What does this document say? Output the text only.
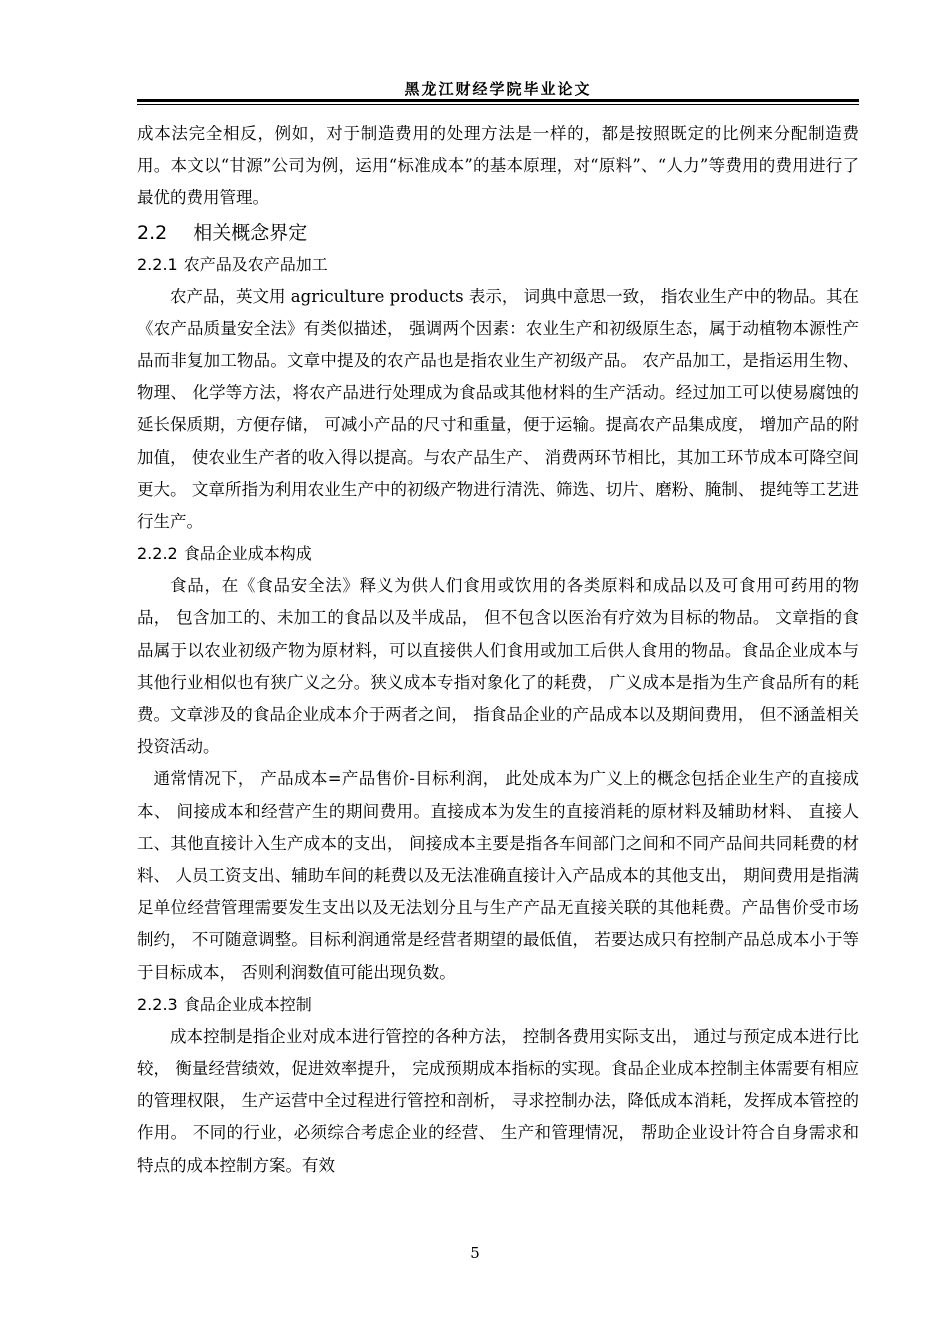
黑龙江财经学院毕业论文

成本法完全相反，例如，对于制造费用的处理方法是一样的，都是按照既定的比例来分配制造费用。本文以“甘源”公司为例，运用“标准成本”的基本原理，对“原料”、“人力”等费用的费用进行了最优的费用管理。

2.2 相关概念界定
2.2.1 农产品及农产品加工

农产品，英文用 agriculture products 表示， 词典中意思一致， 指农业生产中的物品。其在《农产品质量安全法》有类似描述， 强调两个因素：农业生产和初级原生态，属于动植物本源性产品而非复加工物品。文章中提及的农产品也是指农业生产初级产品。 农产品加工，是指运用生物、物理、 化学等方法，将农产品进行处理成为食品或其他材料的生产活动。经过加工可以使易腐蚀的延长保质期，方便存储， 可减小产品的尺寸和重量，便于运输。提高农产品集成度， 增加产品的附加值， 使农业生产者的收入得以提高。与农产品生产、 消费两环节相比，其加工环节成本可降空间更大。 文章所指为利用农业生产中的初级产物进行清洗、筛选、切片、磨粉、腌制、 提纯等工艺进行生产。

2.2.2 食品企业成本构成

食品，在《食品安全法》释义为供人们食用或饮用的各类原料和成品以及可食用可药用的物品， 包含加工的、未加工的食品以及半成品， 但不包含以医治有疗效为目标的物品。 文章指的食品属于以农业初级产物为原材料，可以直接供人们食用或加工后供人食用的物品。食品企业成本与其他行业相似也有狭广义之分。狭义成本专指对象化了的耗费， 广义成本是指为生产食品所有的耗费。文章涉及的食品企业成本介于两者之间， 指食品企业的产品成本以及期间费用， 但不涵盖相关投资活动。

通常情况下， 产品成本=产品售价-目标利润， 此处成本为广义上的概念包括企业生产的直接成本、 间接成本和经营产生的期间费用。直接成本为发生的直接消耗的原材料及辅助材料、 直接人工、其他直接计入生产成本的支出， 间接成本主要是指各车间部门之间和不同产品间共同耗费的材料、 人员工资支出、辅助车间的耗费以及无法准确直接计入产品成本的其他支出， 期间费用是指满足单位经营管理需要发生支出以及无法划分且与生产产品无直接关联的其他耗费。产品售价受市场制约， 不可随意调整。目标利润通常是经营者期望的最低值， 若要达成只有控制产品总成本小于等于目标成本， 否则利润数值可能出现负数。

2.2.3 食品企业成本控制

成本控制是指企业对成本进行管控的各种方法， 控制各费用实际支出， 通过与预定成本进行比较， 衡量经营绩效，促进效率提升， 完成预期成本指标的实现。食品企业成本控制主体需要有相应的管理权限， 生产运营中全过程进行管控和剖析， 寻求控制办法，降低成本消耗，发挥成本管控的作用。 不同的行业，必须综合考虑企业的经营、 生产和管理情况， 帮助企业设计符合自身需求和特点的成本控制方案。有效

5
